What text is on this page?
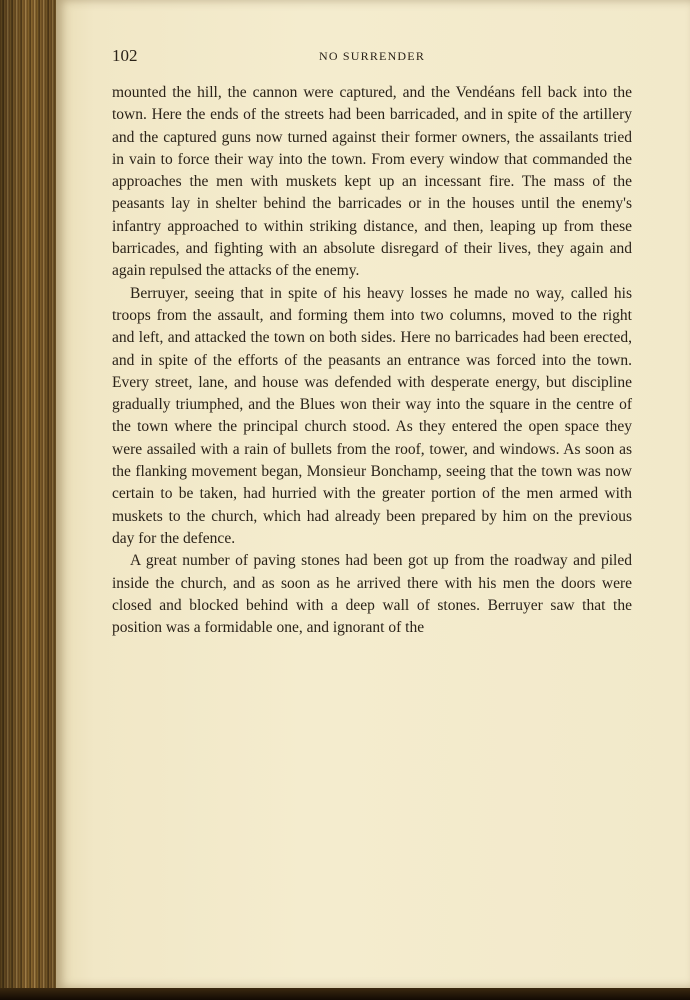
102	NO SURRENDER

mounted the hill, the cannon were captured, and the Vendéans fell back into the town. Here the ends of the streets had been barricaded, and in spite of the artillery and the captured guns now turned against their former owners, the assailants tried in vain to force their way into the town. From every window that commanded the approaches the men with muskets kept up an incessant fire. The mass of the peasants lay in shelter behind the barricades or in the houses until the enemy's infantry approached to within striking distance, and then, leaping up from these barricades, and fighting with an absolute disregard of their lives, they again and again repulsed the attacks of the enemy.

Berruyer, seeing that in spite of his heavy losses he made no way, called his troops from the assault, and forming them into two columns, moved to the right and left, and attacked the town on both sides. Here no barricades had been erected, and in spite of the efforts of the peasants an entrance was forced into the town. Every street, lane, and house was defended with desperate energy, but discipline gradually triumphed, and the Blues won their way into the square in the centre of the town where the principal church stood. As they entered the open space they were assailed with a rain of bullets from the roof, tower, and windows. As soon as the flanking movement began, Monsieur Bonchamp, seeing that the town was now certain to be taken, had hurried with the greater portion of the men armed with muskets to the church, which had already been prepared by him on the previous day for the defence.

A great number of paving stones had been got up from the roadway and piled inside the church, and as soon as he arrived there with his men the doors were closed and blocked behind with a deep wall of stones. Berruyer saw that the position was a formidable one, and ignorant of the
